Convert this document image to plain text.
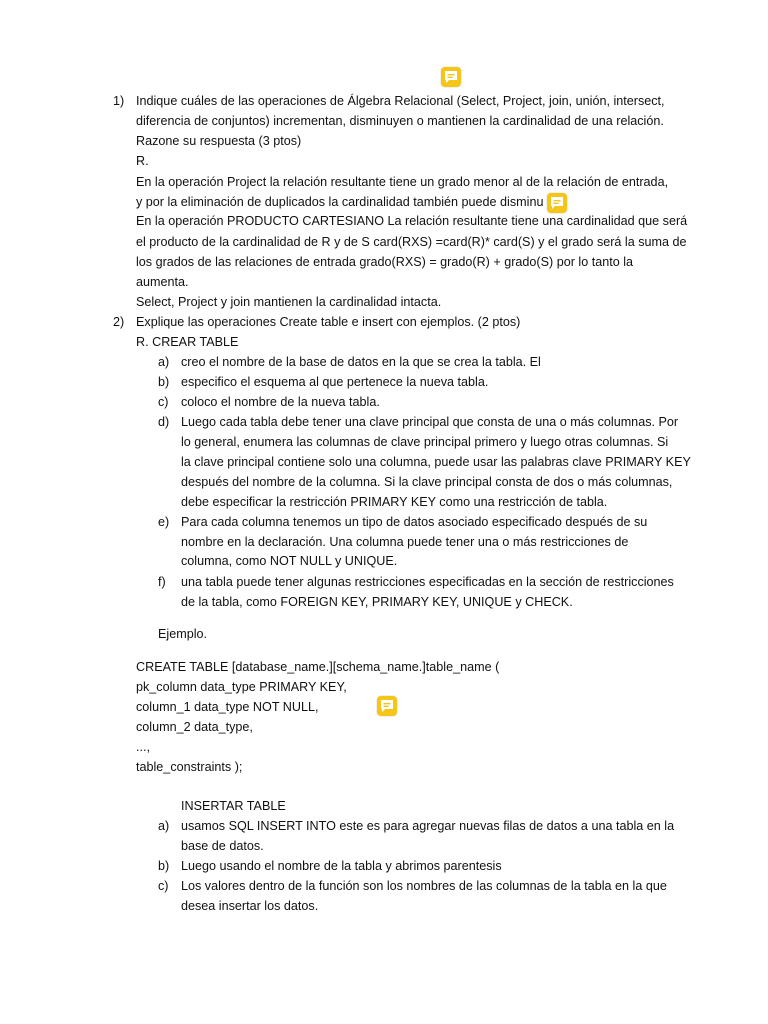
1) Indique cuáles de las operaciones de Álgebra Relacional (Select, Project, join, unión, intersect,
diferencia de conjuntos) incrementan, disminuyen o mantienen la cardinalidad de una relación.
Razone su respuesta (3 ptos)
R.
En la operación Project la relación resultante tiene un grado menor al de la relación de entrada,
y por la eliminación de duplicados la cardinalidad también puede disminu
En la operación PRODUCTO CARTESIANO La relación resultante tiene una cardinalidad que será
el producto de la cardinalidad de R y de S card(RXS) =card(R)* card(S) y el grado será la suma de
los grados de las relaciones de entrada grado(RXS) = grado(R) + grado(S) por lo tanto la
aumenta.
Select, Project y join mantienen la cardinalidad intacta.
2) Explique las operaciones Create table e insert con ejemplos. (2 ptos)
R. CREAR TABLE
a) creo el nombre de la base de datos en la que se crea la tabla. El
b) especifico el esquema al que pertenece la nueva tabla.
c) coloco el nombre de la nueva tabla.
d) Luego cada tabla debe tener una clave principal que consta de una o más columnas. Por
lo general, enumera las columnas de clave principal primero y luego otras columnas. Si
la clave principal contiene solo una columna, puede usar las palabras clave PRIMARY KEY
después del nombre de la columna. Si la clave principal consta de dos o más columnas,
debe especificar la restricción PRIMARY KEY como una restricción de tabla.
e) Para cada columna tenemos un tipo de datos asociado especificado después de su
nombre en la declaración. Una columna puede tener una o más restricciones de
columna, como NOT NULL y UNIQUE.
f) una tabla puede tener algunas restricciones especificadas en la sección de restricciones
de la tabla, como FOREIGN KEY, PRIMARY KEY, UNIQUE y CHECK.
Ejemplo.
CREATE TABLE [database_name.][schema_name.]table_name (
pk_column data_type PRIMARY KEY,
column_1 data_type NOT NULL,
column_2 data_type,
...,
table_constraints );
INSERTAR TABLE
a) usamos SQL INSERT INTO este es para agregar nuevas filas de datos a una tabla en la
base de datos.
b) Luego usando el nombre de la tabla y abrimos parentesis
c) Los valores dentro de la función son los nombres de las columnas de la tabla en la que
desea insertar los datos.
